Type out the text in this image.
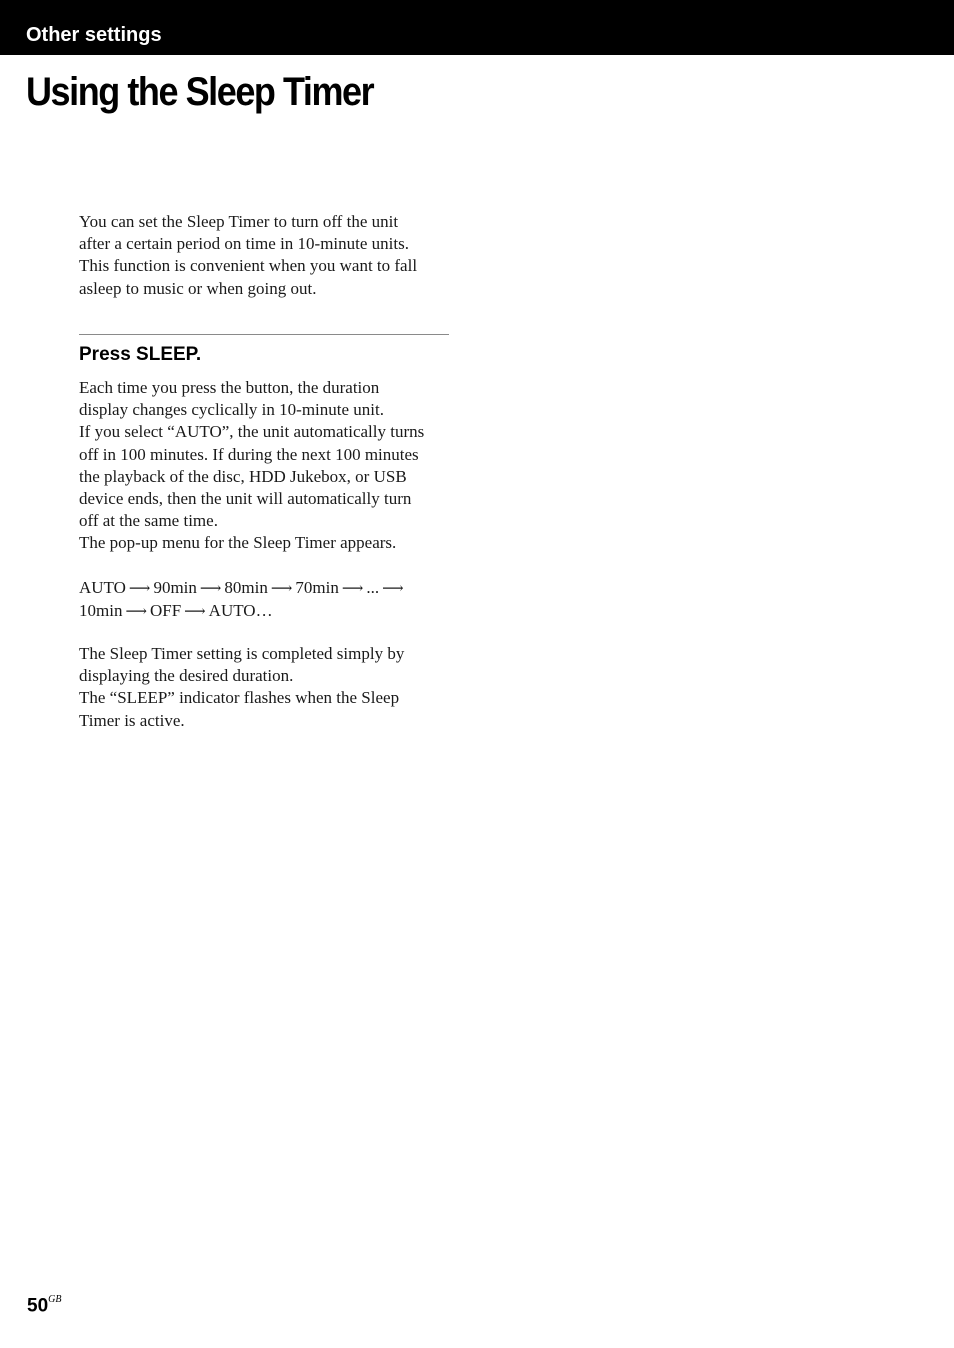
Other settings
Using the Sleep Timer

You can set the Sleep Timer to turn off the unit
after a certain period on time in 10-minute units.
This function is convenient when you want to fall
asleep to music or when going out.

Press SLEEP.

Each time you press the button, the duration
display changes cyclically in 10-minute unit.
If you select “AUTO”, the unit automatically turns
off in 100 minutes. If during the next 100 minutes
the playback of the disc, HDD Jukebox, or USB
device ends, then the unit will automatically turn
off at the same time.
The pop-up menu for the Sleep Timer appears.

AUTO ⟶ 90min ⟶ 80min ⟶ 70min ⟶ ... ⟶
10min ⟶ OFF ⟶ AUTO…

The Sleep Timer setting is completed simply by
displaying the desired duration.
The “SLEEP” indicator flashes when the Sleep
Timer is active.

$50^{GB}$
